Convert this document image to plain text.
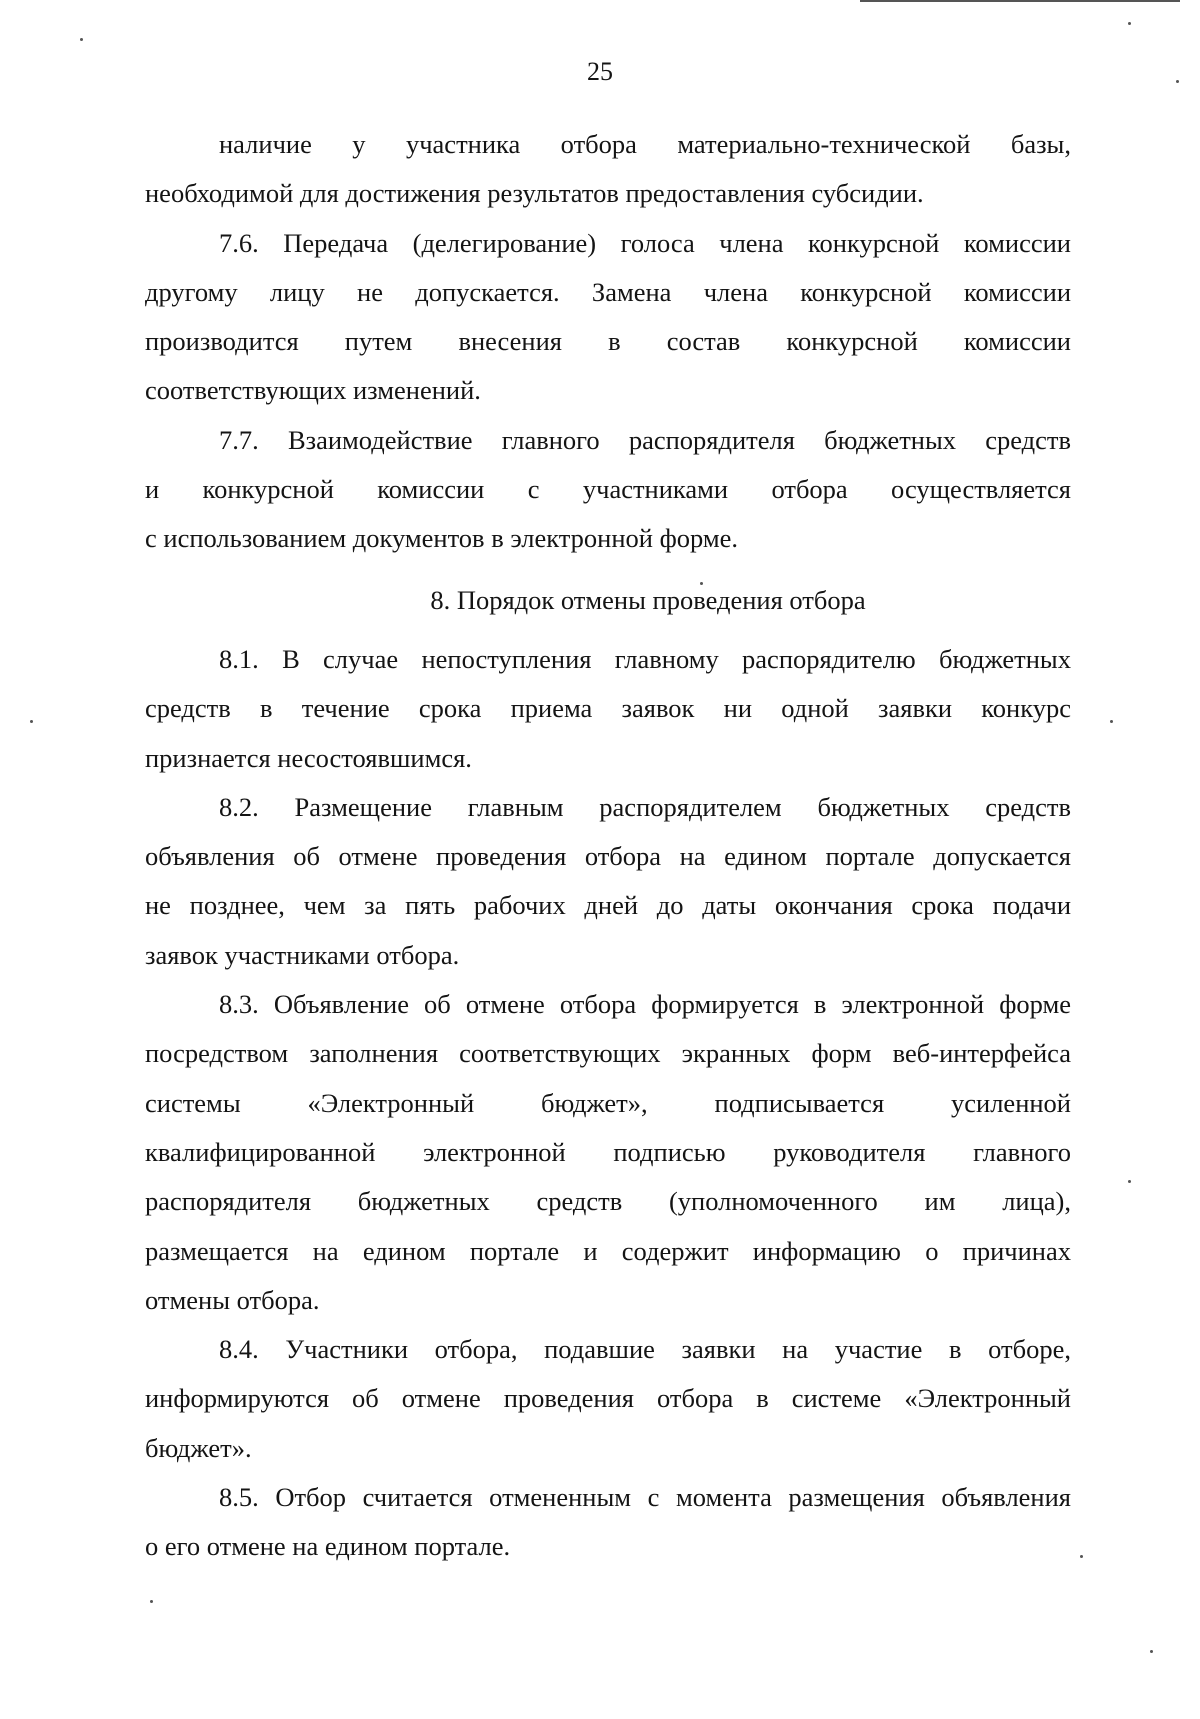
25

наличие у участника отбора материально-технической базы,
необходимой для достижения результатов предоставления субсидии.

7.6. Передача (делегирование) голоса члена конкурсной комиссии
другому лицу не допускается. Замена члена конкурсной комиссии
производится путем внесения в состав конкурсной комиссии
соответствующих изменений.

7.7. Взаимодействие главного распорядителя бюджетных средств
и конкурсной комиссии с участниками отбора осуществляется
с использованием документов в электронной форме.

8. Порядок отмены проведения отбора

8.1. В случае непоступления главному распорядителю бюджетных
средств в течение срока приема заявок ни одной заявки конкурс
признается несостоявшимся.

8.2. Размещение главным распорядителем бюджетных средств
объявления об отмене проведения отбора на едином портале допускается
не позднее, чем за пять рабочих дней до даты окончания срока подачи
заявок участниками отбора.

8.3. Объявление об отмене отбора формируется в электронной форме
посредством заполнения соответствующих экранных форм веб-интерфейса
системы «Электронный бюджет», подписывается усиленной
квалифицированной электронной подписью руководителя главного
распорядителя бюджетных средств (уполномоченного им лица),
размещается на едином портале и содержит информацию о причинах
отмены отбора.

8.4. Участники отбора, подавшие заявки на участие в отборе,
информируются об отмене проведения отбора в системе «Электронный
бюджет».

8.5. Отбор считается отмененным с момента размещения объявления
о его отмене на едином портале.
